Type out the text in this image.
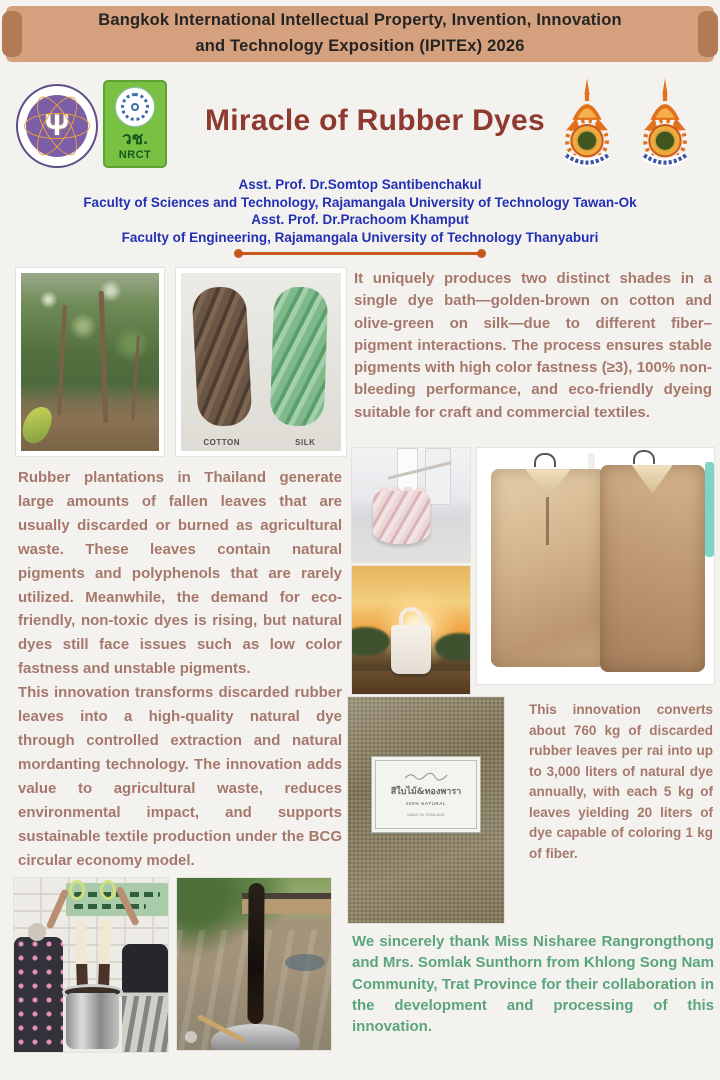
Bangkok International Intellectual Property, Invention, Innovation
and Technology Exposition (IPITEx) 2026
Ψ	วช.
NRCT
Miracle of Rubber Dyes
Asst. Prof. Dr.Somtop Santibenchakul
Faculty of Sciences and Technology, Rajamangala University of Technology Tawan-Ok
Asst. Prof. Dr.Prachoom Khamput
Faculty of Engineering, Rajamangala University of Technology Thanyaburi
COTTON	SILK
It uniquely produces two distinct shades in a single dye bath—golden-brown on cotton and olive-green on silk—due to different fiber–pigment interactions. The process ensures stable pigments with high color fastness (≥3), 100% non-bleeding performance, and eco-friendly dyeing suitable for craft and commercial textiles.

Rubber plantations in Thailand generate large amounts of fallen leaves that are usually discarded or burned as agricultural waste. These leaves contain natural pigments and polyphenols that are rarely utilized. Meanwhile, the demand for eco-friendly, non-toxic dyes is rising, but natural dyes still face issues such as low color fastness and unstable pigments.

This innovation transforms discarded rubber leaves into a high-quality natural dye through controlled extraction and natural mordanting technology. The innovation adds value to agricultural waste, reduces environmental impact, and supports sustainable textile production under the BCG circular economy model.

สีใบไม้&ทองพารา
100% NATURAL
MADE IN THAILAND
This innovation converts about 760 kg of discarded rubber leaves per rai into up to 3,000 liters of natural dye annually, with each 5 kg of leaves yielding 20 liters of dye capable of coloring 1 kg of fiber.
We sincerely thank Miss Nisharee Rangrongthong and Mrs. Somlak Sunthorn from Khlong Song Nam Community, Trat Province for their collaboration in the development and processing of this innovation.
